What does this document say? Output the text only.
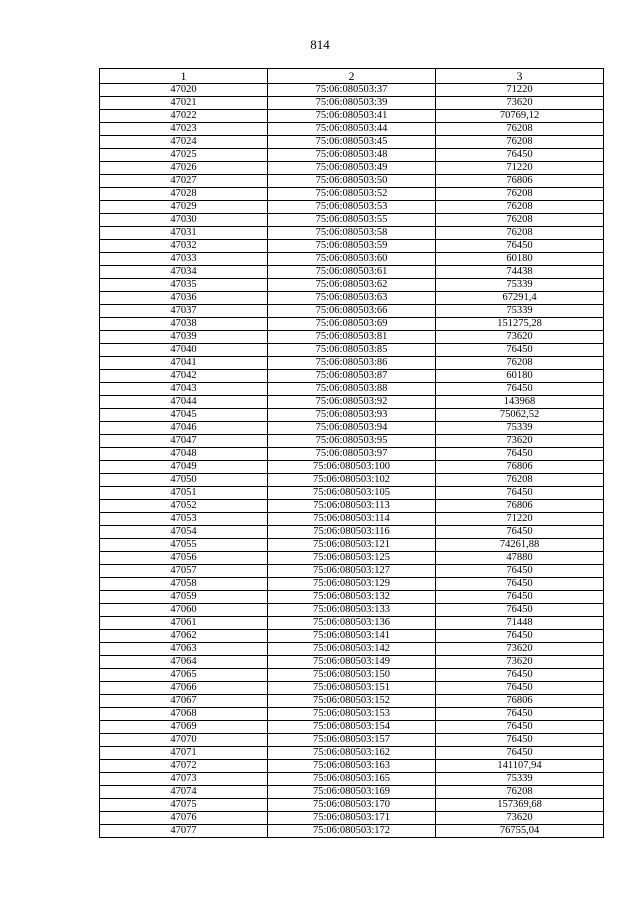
814
1	2	3
47020	75:06:080503:37	71220
47021	75:06:080503:39	73620
47022	75:06:080503:41	70769,12
47023	75:06:080503:44	76208
47024	75:06:080503:45	76208
47025	75:06:080503:48	76450
47026	75:06:080503:49	71220
47027	75:06:080503:50	76806
47028	75:06:080503:52	76208
47029	75:06:080503:53	76208
47030	75:06:080503:55	76208
47031	75:06:080503:58	76208
47032	75:06:080503:59	76450
47033	75:06:080503:60	60180
47034	75:06:080503:61	74438
47035	75:06:080503:62	75339
47036	75:06:080503:63	67291,4
47037	75:06:080503:66	75339
47038	75:06:080503:69	151275,28
47039	75:06:080503:81	73620
47040	75:06:080503:85	76450
47041	75:06:080503:86	76208
47042	75:06:080503:87	60180
47043	75:06:080503:88	76450
47044	75:06:080503:92	143968
47045	75:06:080503:93	75062,52
47046	75:06:080503:94	75339
47047	75:06:080503:95	73620
47048	75:06:080503:97	76450
47049	75:06:080503:100	76806
47050	75:06:080503:102	76208
47051	75:06:080503:105	76450
47052	75:06:080503:113	76806
47053	75:06:080503:114	71220
47054	75:06:080503:116	76450
47055	75:06:080503:121	74261,88
47056	75:06:080503:125	47880
47057	75:06:080503:127	76450
47058	75:06:080503:129	76450
47059	75:06:080503:132	76450
47060	75:06:080503:133	76450
47061	75:06:080503:136	71448
47062	75:06:080503:141	76450
47063	75:06:080503:142	73620
47064	75:06:080503:149	73620
47065	75:06:080503:150	76450
47066	75:06:080503:151	76450
47067	75:06:080503:152	76806
47068	75:06:080503:153	76450
47069	75:06:080503:154	76450
47070	75:06:080503:157	76450
47071	75:06:080503:162	76450
47072	75:06:080503:163	141107,94
47073	75:06:080503:165	75339
47074	75:06:080503:169	76208
47075	75:06:080503:170	157369,68
47076	75:06:080503:171	73620
47077	75:06:080503:172	76755,04
